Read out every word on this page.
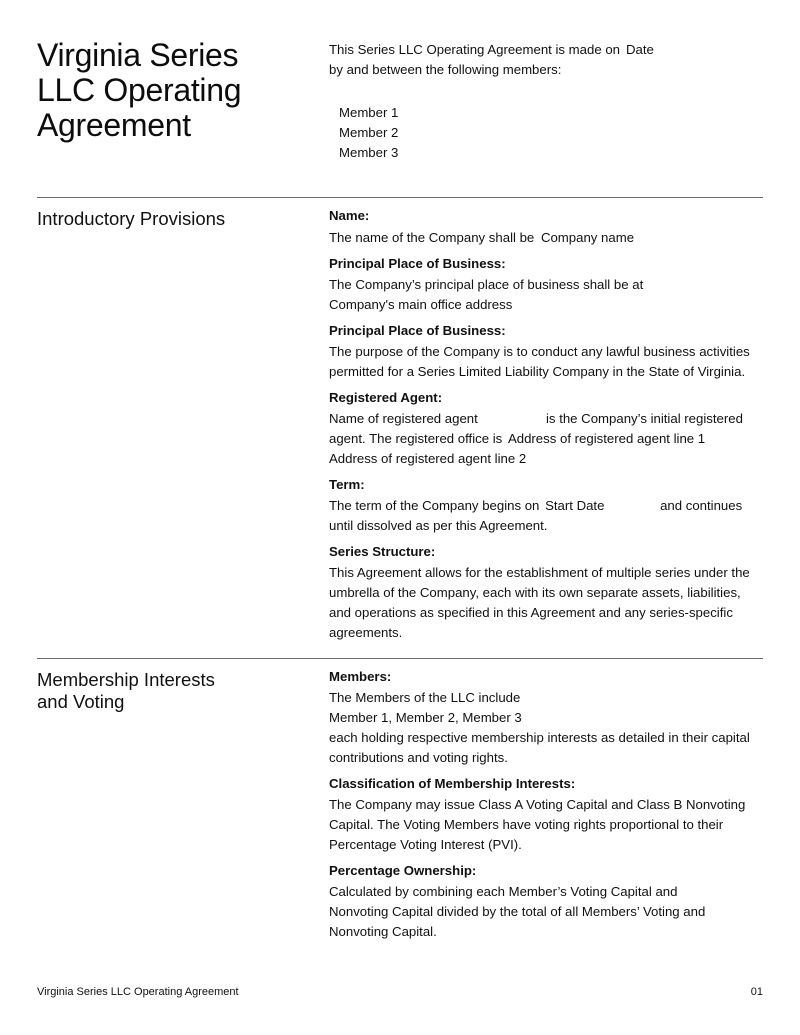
Virginia Series
LLC Operating
Agreement
This Series LLC Operating Agreement is made on Date
by and between the following members:
Member 1
Member 2
Member 3
Introductory Provisions	Name:
The name of the Company shall be Company name
Principal Place of Business:
The Company’s principal place of business shall be at
Company's main office address
Principal Place of Business:
The purpose of the Company is to conduct any lawful business activities
permitted for a Series Limited Liability Company in the State of Virginia.
Registered Agent:
Name of registered agent	is the Company’s initial registered
agent. The registered office is Address of registered agent line 1
Address of registered agent line 2
Term:
The term of the Company begins on Start Date	and continues
until dissolved as per this Agreement.
Series Structure:
This Agreement allows for the establishment of multiple series under the
umbrella of the Company, each with its own separate assets, liabilities,
and operations as specified in this Agreement and any series-specific
agreements.
Membership Interests
and Voting
Members:
The Members of the LLC include
Member 1, Member 2, Member 3
each holding respective membership interests as detailed in their capital
contributions and voting rights.
Classification of Membership Interests:
The Company may issue Class A Voting Capital and Class B Nonvoting
Capital. The Voting Members have voting rights proportional to their
Percentage Voting Interest (PVI).
Percentage Ownership:
Calculated by combining each Member’s Voting Capital and
Nonvoting Capital divided by the total of all Members’ Voting and
Nonvoting Capital.
Virginia Series LLC Operating Agreement	01
